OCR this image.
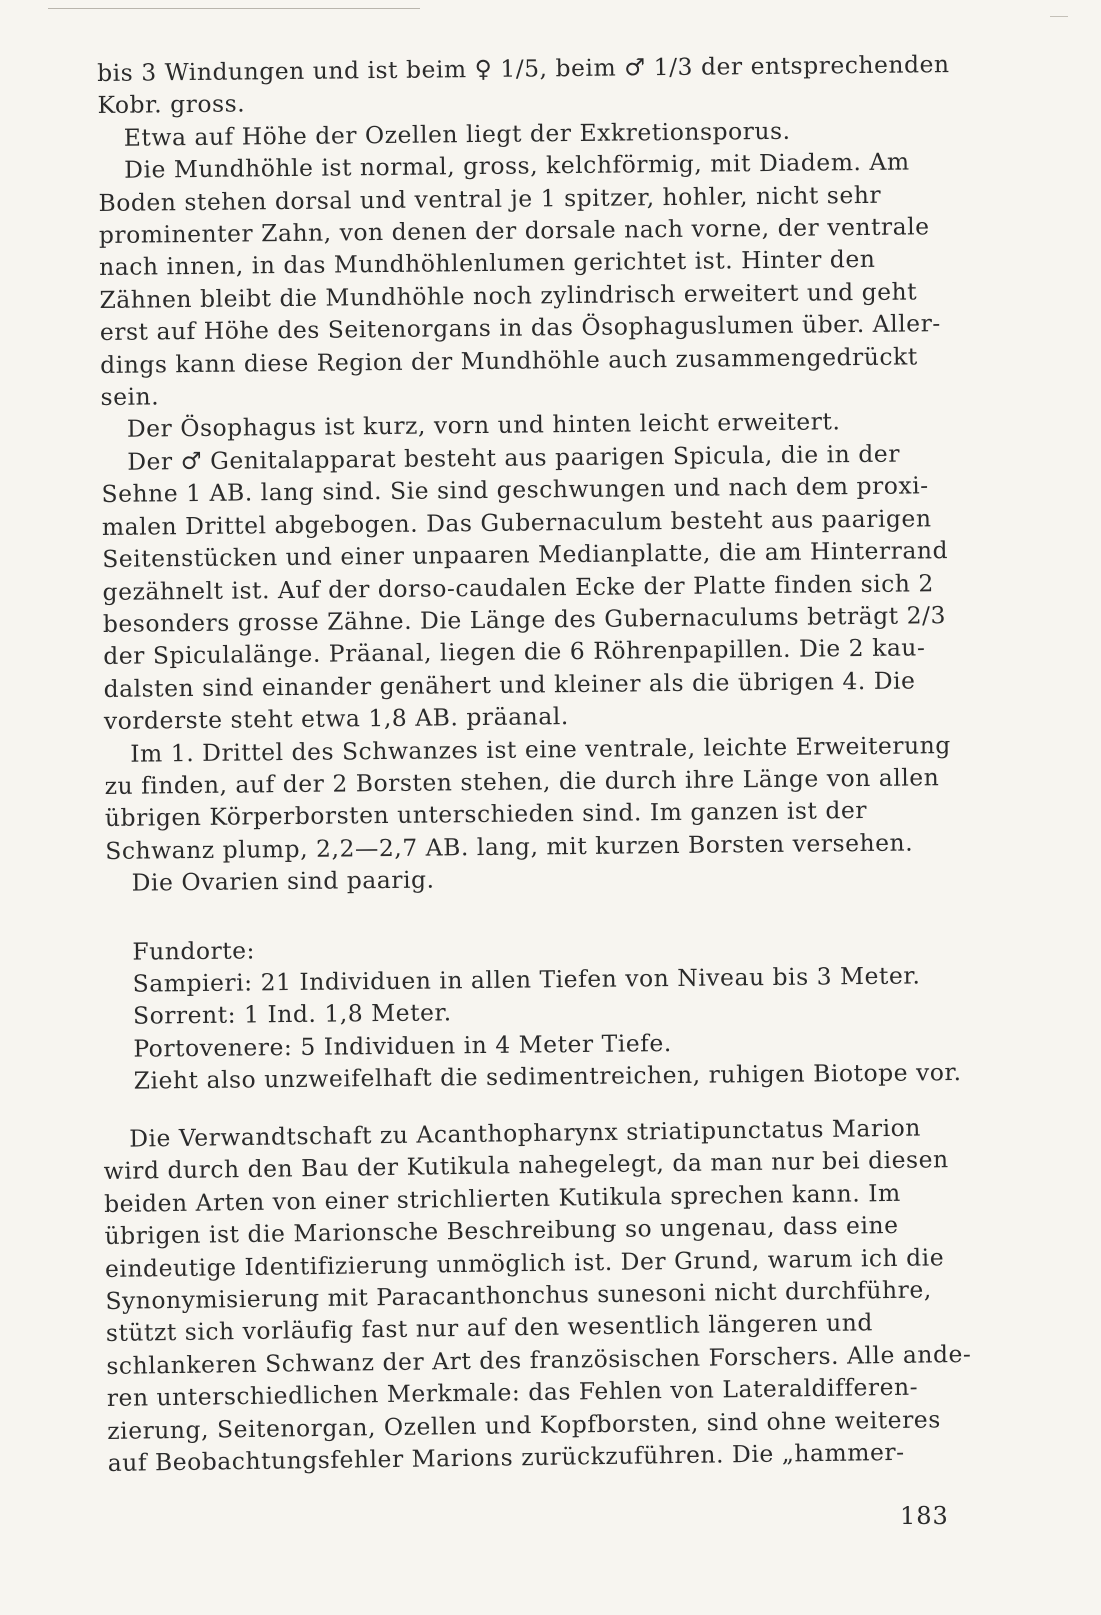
bis 3 Windungen und ist beim ♀ 1/5, beim ♂ 1/3 der entsprechenden
Kobr. gross.
Etwa auf Höhe der Ozellen liegt der Exkretionsporus.
Die Mundhöhle ist normal, gross, kelchförmig, mit Diadem. Am
Boden stehen dorsal und ventral je 1 spitzer, hohler, nicht sehr
prominenter Zahn, von denen der dorsale nach vorne, der ventrale
nach innen, in das Mundhöhlenlumen gerichtet ist. Hinter den
Zähnen bleibt die Mundhöhle noch zylindrisch erweitert und geht
erst auf Höhe des Seitenorgans in das Ösophaguslumen über. Aller-
dings kann diese Region der Mundhöhle auch zusammengedrückt
sein.
Der Ösophagus ist kurz, vorn und hinten leicht erweitert.
Der ♂ Genitalapparat besteht aus paarigen Spicula, die in der
Sehne 1 AB. lang sind. Sie sind geschwungen und nach dem proxi-
malen Drittel abgebogen. Das Gubernaculum besteht aus paarigen
Seitenstücken und einer unpaaren Medianplatte, die am Hinterrand
gezähnelt ist. Auf der dorso-caudalen Ecke der Platte finden sich 2
besonders grosse Zähne. Die Länge des Gubernaculums beträgt 2/3
der Spiculalänge. Präanal, liegen die 6 Röhrenpapillen. Die 2 kau-
dalsten sind einander genähert und kleiner als die übrigen 4. Die
vorderste steht etwa 1,8 AB. präanal.
Im 1. Drittel des Schwanzes ist eine ventrale, leichte Erweiterung
zu finden, auf der 2 Borsten stehen, die durch ihre Länge von allen
übrigen Körperborsten unterschieden sind. Im ganzen ist der
Schwanz plump, 2,2—2,7 AB. lang, mit kurzen Borsten versehen.
Die Ovarien sind paarig.
Fundorte:
Sampieri: 21 Individuen in allen Tiefen von Niveau bis 3 Meter.
Sorrent: 1 Ind. 1,8 Meter.
Portovenere: 5 Individuen in 4 Meter Tiefe.
Zieht also unzweifelhaft die sedimentreichen, ruhigen Biotope vor.
Die Verwandtschaft zu Acanthopharynx striatipunctatus Marion
wird durch den Bau der Kutikula nahegelegt, da man nur bei diesen
beiden Arten von einer strichlierten Kutikula sprechen kann. Im
übrigen ist die Marionsche Beschreibung so ungenau, dass eine
eindeutige Identifizierung unmöglich ist. Der Grund, warum ich die
Synonymisierung mit Paracanthonchus sunesoni nicht durchführe,
stützt sich vorläufig fast nur auf den wesentlich längeren und
schlankeren Schwanz der Art des französischen Forschers. Alle ande-
ren unterschiedlichen Merkmale: das Fehlen von Lateraldifferen-
zierung, Seitenorgan, Ozellen und Kopfborsten, sind ohne weiteres
auf Beobachtungsfehler Marions zurückzuführen. Die „hammer-
183
